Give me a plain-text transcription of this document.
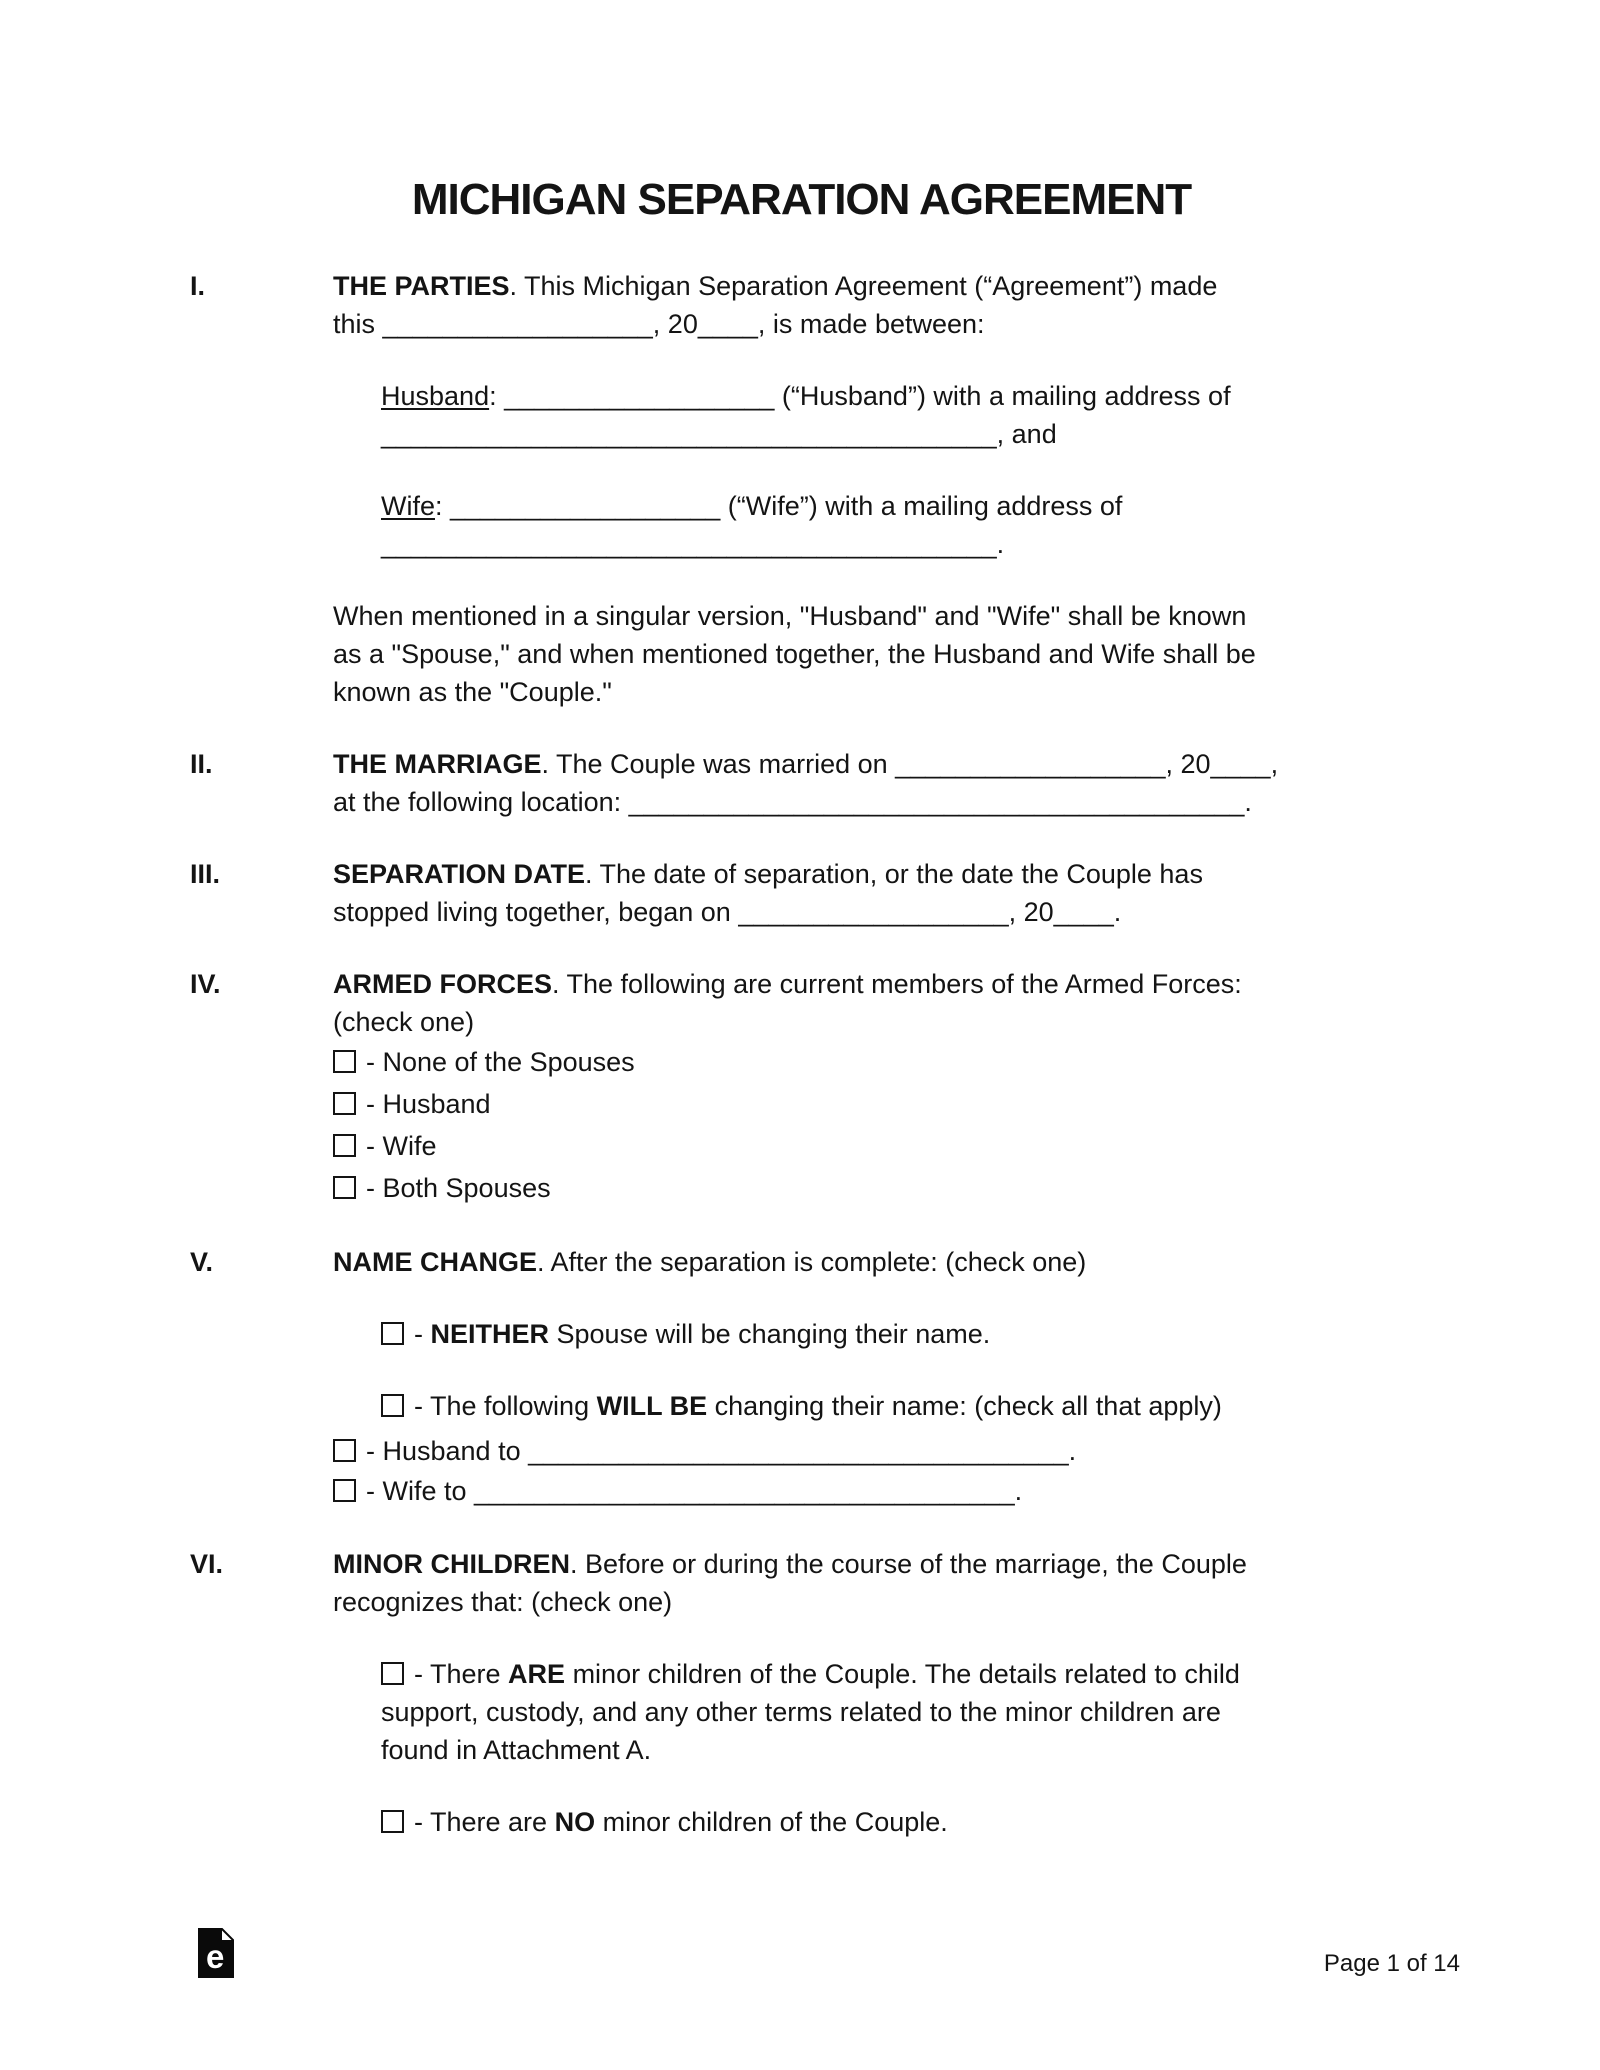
MICHIGAN SEPARATION AGREEMENT
I.	THE PARTIES. This Michigan Separation Agreement (“Agreement”) made
this __________________, 20____, is made between:

Husband: __________________ (“Husband”) with a mailing address of
_________________________________________, and

Wife: __________________ (“Wife”) with a mailing address of
_________________________________________.

When mentioned in a singular version, "Husband" and "Wife" shall be known
as a "Spouse," and when mentioned together, the Husband and Wife shall be
known as the "Couple."

II.	THE MARRIAGE. The Couple was married on __________________, 20____,
at the following location: _________________________________________.

III.	SEPARATION DATE. The date of separation, or the date the Couple has
stopped living together, began on __________________, 20____.

IV.	ARMED FORCES. The following are current members of the Armed Forces:
(check one)

- None of the Spouses

- Husband

- Wife

- Both Spouses

V.	NAME CHANGE. After the separation is complete: (check one)

- NEITHER Spouse will be changing their name.

- The following WILL BE changing their name: (check all that apply)

- Husband to ____________________________________.

- Wife to ____________________________________.

VI.	MINOR CHILDREN. Before or during the course of the marriage, the Couple
recognizes that: (check one)

- There ARE minor children of the Couple. The details related to child
support, custody, and any other terms related to the minor children are
found in Attachment A.

- There are NO minor children of the Couple.

e	Page 1 of 14
